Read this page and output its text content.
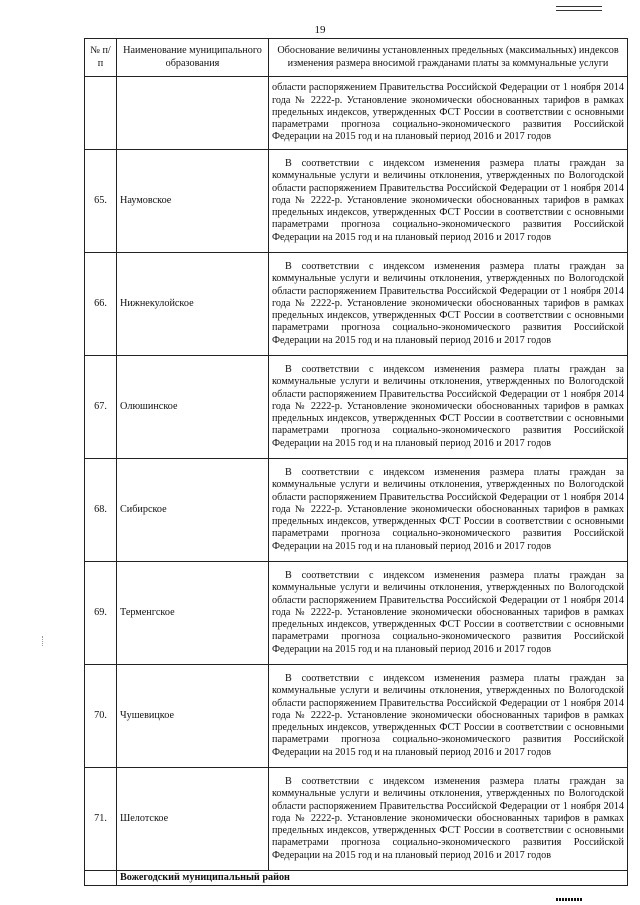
19
№ п/п	Наименование муниципального образования	Обоснование величины установленных предельных (максимальных) индексов изменения размера вносимой гражданами платы за коммунальные услуги
		области распоряжением Правительства Российской Федерации от 1 ноября 2014 года № 2222-р. Установление экономически обоснованных тарифов в рамках предельных индексов, утвержденных ФСТ России в соответствии с основными параметрами прогноза социально-экономического развития Российской Федерации на 2015 год и на плановый период 2016 и 2017 годов
65.	Наумовское	В соответствии с индексом изменения размера платы граждан за коммунальные услуги и величины отклонения, утвержденных по Вологодской области распоряжением Правительства Российской Федерации от 1 ноября 2014 года № 2222-р. Установление экономически обоснованных тарифов в рамках предельных индексов, утвержденных ФСТ России в соответствии с основными параметрами прогноза социально-экономического развития Российской Федерации на 2015 год и на плановый период 2016 и 2017 годов

66.	Нижнекулойское	В соответствии с индексом изменения размера платы граждан за коммунальные услуги и величины отклонения, утвержденных по Вологодской области распоряжением Правительства Российской Федерации от 1 ноября 2014 года № 2222-р. Установление экономически обоснованных тарифов в рамках предельных индексов, утвержденных ФСТ России в соответствии с основными параметрами прогноза социально-экономического развития Российской Федерации на 2015 год и на плановый период 2016 и 2017 годов

67.	Олюшинское	В соответствии с индексом изменения размера платы граждан за коммунальные услуги и величины отклонения, утвержденных по Вологодской области распоряжением Правительства Российской Федерации от 1 ноября 2014 года № 2222-р. Установление экономически обоснованных тарифов в рамках предельных индексов, утвержденных ФСТ России в соответствии с основными параметрами прогноза социально-экономического развития Российской Федерации на 2015 год и на плановый период 2016 и 2017 годов

68.	Сибирское	В соответствии с индексом изменения размера платы граждан за коммунальные услуги и величины отклонения, утвержденных по Вологодской области распоряжением Правительства Российской Федерации от 1 ноября 2014 года № 2222-р. Установление экономически обоснованных тарифов в рамках предельных индексов, утвержденных ФСТ России в соответствии с основными параметрами прогноза социально-экономического развития Российской Федерации на 2015 год и на плановый период 2016 и 2017 годов

69.	Терменгское	В соответствии с индексом изменения размера платы граждан за коммунальные услуги и величины отклонения, утвержденных по Вологодской области распоряжением Правительства Российской Федерации от 1 ноября 2014 года № 2222-р. Установление экономически обоснованных тарифов в рамках предельных индексов, утвержденных ФСТ России в соответствии с основными параметрами прогноза социально-экономического развития Российской Федерации на 2015 год и на плановый период 2016 и 2017 годов

70.	Чушевицкое	В соответствии с индексом изменения размера платы граждан за коммунальные услуги и величины отклонения, утвержденных по Вологодской области распоряжением Правительства Российской Федерации от 1 ноября 2014 года № 2222-р. Установление экономически обоснованных тарифов в рамках предельных индексов, утвержденных ФСТ России в соответствии с основными параметрами прогноза социально-экономического развития Российской Федерации на 2015 год и на плановый период 2016 и 2017 годов

71.	Шелотское	В соответствии с индексом изменения размера платы граждан за коммунальные услуги и величины отклонения, утвержденных по Вологодской области распоряжением Правительства Российской Федерации от 1 ноября 2014 года № 2222-р. Установление экономически обоснованных тарифов в рамках предельных индексов, утвержденных ФСТ России в соответствии с основными параметрами прогноза социально-экономического развития Российской Федерации на 2015 год и на плановый период 2016 и 2017 годов

	Вожегодский муниципальный район	
